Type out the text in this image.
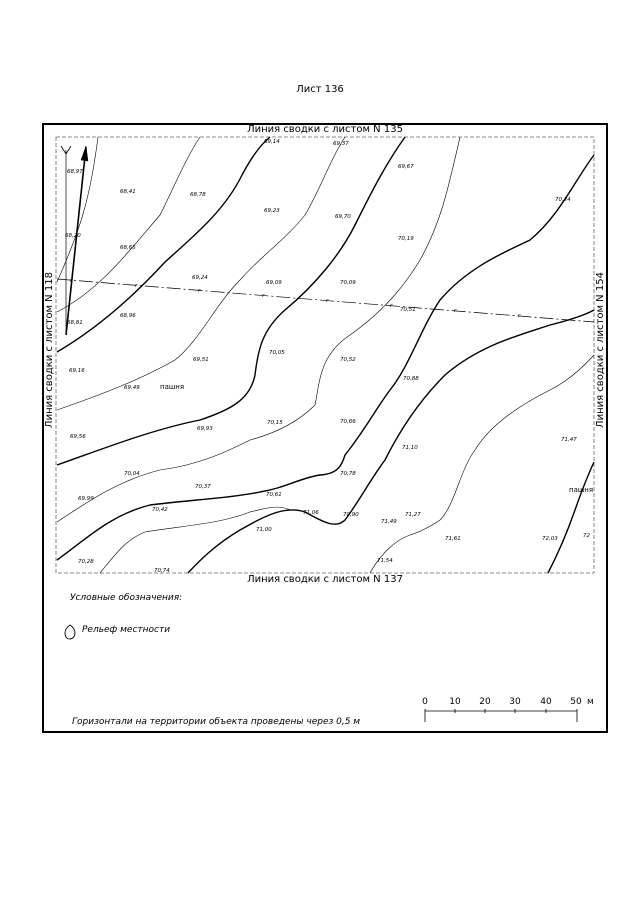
Лист 136
г
г
г
г
г
г
г
г
68,97
68,41	68,78
69,14	69,37
69,67
70,24
68,20
68,65
69,23
69,70
70,19
69,24
69,09	70,09
68,81
68,96
70,51
69,51
70,05
70,52
69,16
69,49
70,88
69,56
69,93
70,15	70,66
71,10
71,47
70,04	70,78
70,37
69,99
70,61
70,42	71,06	70,90	71,27
71,00
71,49
71,61	72,03	72
70,28	71,54
70,74
пашня
пашня
Линия сводки с листом N 135
Линия сводки с листом N 137
Линия сводки с листом N 118	Линия сводки с листом N 154
Условные обозначения:
Рельеф местности
Горизонтали на территории объекта проведены через 0,5 м
0 10 20 30 40 50 м
